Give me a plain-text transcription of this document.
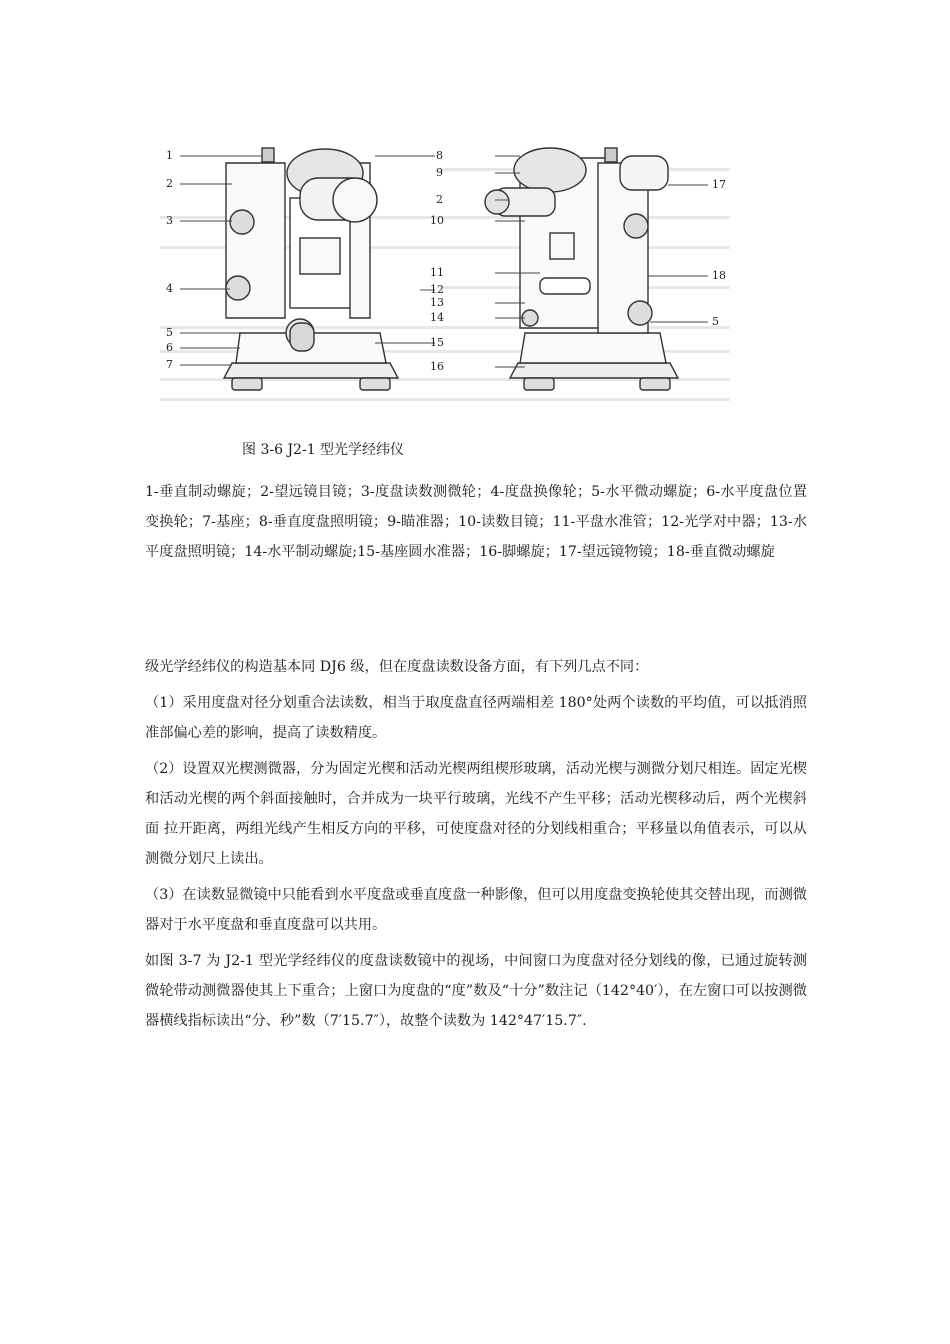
1
2
3
4
5
6
7
8
9
2
10
11
12
13
14
15
16
17
18
5
图 3-6 J2-1 型光学经纬仪

1-垂直制动螺旋；2-望远镜目镜；3-度盘读数测微轮；4-度盘换像轮；5-水平微动螺旋；6-水平度盘位置变换轮；7-基座；8-垂直度盘照明镜；9-瞄准器；10-读数目镜；11-平盘水准管；12-光学对中器；13-水平度盘照明镜；14-水平制动螺旋;15-基座圆水准器；16-脚螺旋；17-望远镜物镜；18-垂直微动螺旋

级光学经纬仪的构造基本同 DJ6 级，但在度盘读数设备方面，有下列几点不同：

（1）采用度盘对径分划重合法读数，相当于取度盘直径两端相差 180°处两个读数的平均值，可以抵消照准部偏心差的影响，提高了读数精度。

（2）设置双光楔测微器，分为固定光楔和活动光楔两组楔形玻璃，活动光楔与测微分划尺相连。固定光楔和活动光楔的两个斜面接触时，合并成为一块平行玻璃，光线不产生平移；活动光楔移动后，两个光楔斜面 拉开距离，两组光线产生相反方向的平移，可使度盘对径的分划线相重合；平移量以角值表示，可以从测微分划尺上读出。

（3）在读数显微镜中只能看到水平度盘或垂直度盘一种影像，但可以用度盘变换轮使其交替出现，而测微器对于水平度盘和垂直度盘可以共用。

如图 3-7 为 J2-1 型光学经纬仪的度盘读数镜中的视场，中间窗口为度盘对径分划线的像，已通过旋转测微轮带动测微器使其上下重合；上窗口为度盘的“度”数及“十分”数注记（142°40′），在左窗口可以按测微器横线指标读出“分、秒”数（7′15.7″），故整个读数为 142°47′15.7″.
